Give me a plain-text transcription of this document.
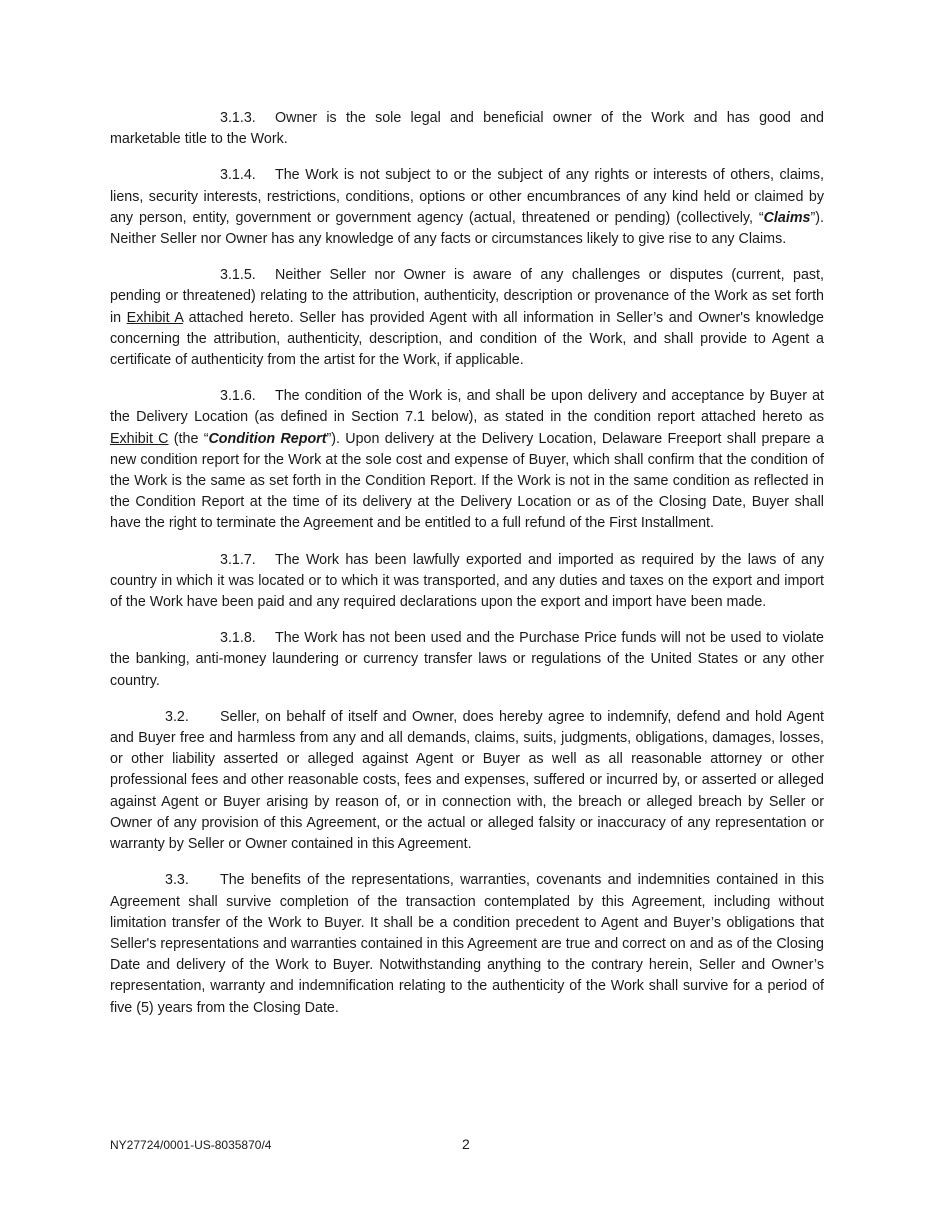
3.1.3. Owner is the sole legal and beneficial owner of the Work and has good and marketable title to the Work.

3.1.4. The Work is not subject to or the subject of any rights or interests of others, claims, liens, security interests, restrictions, conditions, options or other encumbrances of any kind held or claimed by any person, entity, government or government agency (actual, threatened or pending) (collectively, “Claims”). Neither Seller nor Owner has any knowledge of any facts or circumstances likely to give rise to any Claims.

3.1.5. Neither Seller nor Owner is aware of any challenges or disputes (current, past, pending or threatened) relating to the attribution, authenticity, description or provenance of the Work as set forth in Exhibit A attached hereto. Seller has provided Agent with all information in Seller’s and Owner's knowledge concerning the attribution, authenticity, description, and condition of the Work, and shall provide to Agent a certificate of authenticity from the artist for the Work, if applicable.

3.1.6. The condition of the Work is, and shall be upon delivery and acceptance by Buyer at the Delivery Location (as defined in Section 7.1 below), as stated in the condition report attached hereto as Exhibit C (the “Condition Report”). Upon delivery at the Delivery Location, Delaware Freeport shall prepare a new condition report for the Work at the sole cost and expense of Buyer, which shall confirm that the condition of the Work is the same as set forth in the Condition Report. If the Work is not in the same condition as reflected in the Condition Report at the time of its delivery at the Delivery Location or as of the Closing Date, Buyer shall have the right to terminate the Agreement and be entitled to a full refund of the First Installment.

3.1.7. The Work has been lawfully exported and imported as required by the laws of any country in which it was located or to which it was transported, and any duties and taxes on the export and import of the Work have been paid and any required declarations upon the export and import have been made.

3.1.8. The Work has not been used and the Purchase Price funds will not be used to violate the banking, anti-money laundering or currency transfer laws or regulations of the United States or any other country.

3.2. Seller, on behalf of itself and Owner, does hereby agree to indemnify, defend and hold Agent and Buyer free and harmless from any and all demands, claims, suits, judgments, obligations, damages, losses, or other liability asserted or alleged against Agent or Buyer as well as all reasonable attorney or other professional fees and other reasonable costs, fees and expenses, suffered or incurred by, or asserted or alleged against Agent or Buyer arising by reason of, or in connection with, the breach or alleged breach by Seller or Owner of any provision of this Agreement, or the actual or alleged falsity or inaccuracy of any representation or warranty by Seller or Owner contained in this Agreement.

3.3. The benefits of the representations, warranties, covenants and indemnities contained in this Agreement shall survive completion of the transaction contemplated by this Agreement, including without limitation transfer of the Work to Buyer. It shall be a condition precedent to Agent and Buyer’s obligations that Seller's representations and warranties contained in this Agreement are true and correct on and as of the Closing Date and delivery of the Work to Buyer. Notwithstanding anything to the contrary herein, Seller and Owner’s representation, warranty and indemnification relating to the authenticity of the Work shall survive for a period of five (5) years from the Closing Date.

NY27724/0001-US-8035870/4	2
